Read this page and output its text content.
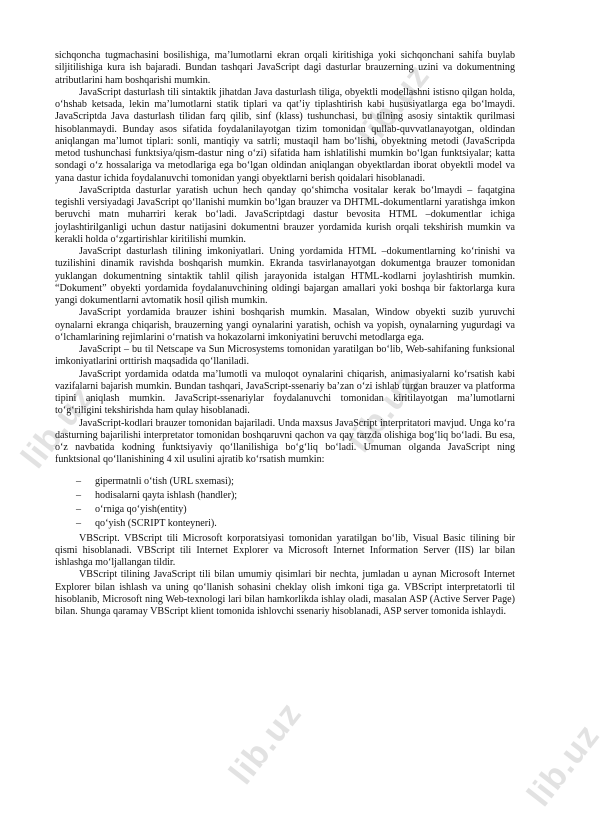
lib.uz
lib.uz
lib.uz
lib.uz	lib.uz

sichqoncha tugmachasini bosilishiga, ma’lumotlarni ekran orqali kiritishiga yoki sichqonchani sahifa buylab siljitilishiga kura ish bajaradi. Bundan tashqari JavaScript dagi dasturlar brauzerning uzini va dokumentning atributlarini ham boshqarishi mumkin.

JavaScript dasturlash tili sintaktik jihatdan Java dasturlash tiliga, obyektli modellashni istisno qilgan holda, o‘hshab ketsada, lekin ma’lumotlarni statik tiplari va qat’iy tiplashtirish kabi hususiyatlarga ega bo‘lmaydi. JavaScriptda Java dasturlash tilidan farq qilib, sinf (klass) tushunchasi, bu tilning asosiy sintaktik qurilmasi hisoblanmaydi. Bunday asos sifatida foydalanilayotgan tizim tomonidan qullab-quvvatlanayotgan, oldindan aniqlangan ma’lumot tiplari: sonli, mantiqiy va satrli; mustaqil ham bo‘lishi, obyektning metodi (JavaScripda metod tushunchasi funktsiya/qism-dastur ning o‘zi) sifatida ham ishlatilishi mumkin bo‘lgan funktsiyalar; katta sondagi o‘z hossalariga va metodlariga ega bo‘lgan oldindan aniqlangan obyektlardan iborat obyektli model va yana dastur ichida foydalanuvchi tomonidan yangi obyektlarni berish qoidalari hisoblanadi.

JavaScriptda dasturlar yaratish uchun hech qanday qo‘shimcha vositalar kerak bo‘lmaydi – faqatgina tegishli versiyadagi JavaScript qo‘llanishi mumkin bo‘lgan brauzer va DHTML-dokumentlarni yaratishga imkon beruvchi matn muharriri kerak bo‘ladi. JavaScriptdagi dastur bevosita HTML –dokumentlar ichiga joylashtirilganligi uchun dastur natijasini dokumentni brauzer yordamida kurish orqali tekshirish mumkin va kerakli holda o‘zgartirishlar kiritilishi mumkin.

JavaScript dasturlash tilining imkoniyatlari. Uning yordamida HTML –dokumentlarning ko‘rinishi va tuzilishini dinamik ravishda boshqarish mumkin. Ekranda tasvirlanayotgan dokumentga brauzer tomonidan yuklangan dokumentning sintaktik tahlil qilish jarayonida istalgan HTML-kodlarni joylashtirish mumkin. “Dokument” obyekti yordamida foydalanuvchining oldingi bajargan amallari yoki boshqa bir faktorlarga kura yangi dokumentlarni avtomatik hosil qilish mumkin.

JavaScript yordamida brauzer ishini boshqarish mumkin. Masalan, Window obyekti suzib yuruvchi oynalarni ekranga chiqarish, brauzerning yangi oynalarini yaratish, ochish va yopish, oynalarning yugurdagi va o‘lchamlarining rejimlarini o‘rnatish va hokazolarni imkoniyatini beruvchi metodlarga ega.

JavaScript – bu til Netscape va Sun Microsystems tomonidan yaratilgan bo‘lib, Web-sahifaning funksional imkoniyatlarini orttirish maqsadida qo‘llaniladi.

JavaScript yordamida odatda ma’lumotli va muloqot oynalarini chiqarish, animasiyalarni ko‘rsatish kabi vazifalarni bajarish mumkin. Bundan tashqari, JavaScript-ssenariy ba’zan o‘zi ishlab turgan brauzer va platforma tipini aniqlash mumkin. JavaScript-ssenariylar foydalanuvchi tomonidan kiritilayotgan ma’lumotlarni to‘g‘riligini tekshirishda ham qulay hisoblanadi.

JavaScript-kodlari brauzer tomonidan bajariladi. Unda maxsus JavaScript interpritatori mavjud. Unga ko‘ra dasturning bajarilishi interpretator tomonidan boshqaruvni qachon va qay tarzda olishiga bog‘liq bo‘ladi. Bu esa, o‘z navbatida kodning funktsiyaviy qo‘llanilishiga bo‘g‘liq bo‘ladi. Umuman olganda JavaScript ning funktsional qo‘llanishining 4 xil usulini ajratib ko‘rsatish mumkin:

– gipermatnli o‘tish (URL sxemasi);
– hodisalarni qayta ishlash (handler);
– o‘rniga qo‘yish(entity)
– qo‘yish (SCRIPT konteyneri).

VBScript. VBScript tili Microsoft korporatsiyasi tomonidan yaratilgan bo‘lib, Visual Basic tilining bir qismi hisoblanadi. VBScript tili Internet Explorer va Microsoft Internet Information Server (IIS) lar bilan ishlashga mo‘ljallangan tildir.

VBScript tilining JavaScript tili bilan umumiy qisimlari bir nechta, jumladan u aynan Microsoft Internet Explorer bilan ishlash va uning qo‘llanish sohasini cheklay olish imkoni tiga ga. VBScript interpretatorli til hisoblanib, Microsoft ning Web-texnologi lari bilan hamkorlikda ishlay oladi, masalan ASP (Active Server Page) bilan. Shunga qaramay VBScript klient tomonida ishlovchi ssenariy hisoblanadi, ASP server tomonida ishlaydi.
